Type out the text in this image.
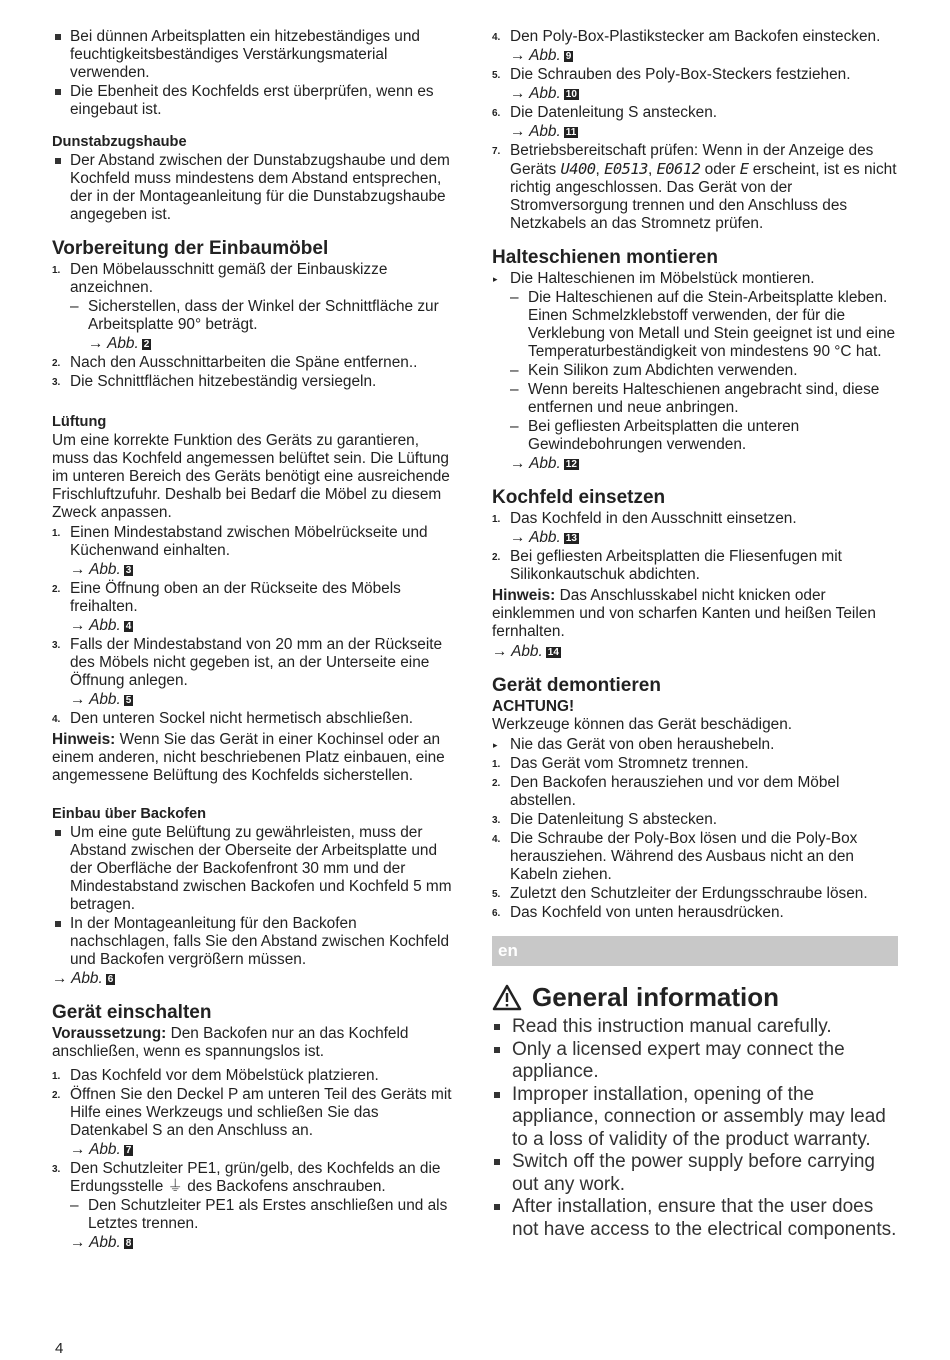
Bei dünnen Arbeitsplatten ein hitzebeständiges und feuchtigkeitsbeständiges Verstärkungsmaterial verwenden.
Die Ebenheit des Kochfelds erst überprüfen, wenn es eingebaut ist.
Dunstabzugshaube
Der Abstand zwischen der Dunstabzugshaube und dem Kochfeld muss mindestens dem Abstand entsprechen, der in der Montageanleitung für die Dunstabzugshaube angegeben ist.
Vorbereitung der Einbaumöbel
1. Den Möbelausschnitt gemäß der Einbauskizze anzeichnen.
– Sicherstellen, dass der Winkel der Schnittfläche zur Arbeitsplatte 90° beträgt.
→ Abb. 2
2. Nach den Ausschnittarbeiten die Späne entfernen..
3. Die Schnittflächen hitzebeständig versiegeln.
Lüftung
Um eine korrekte Funktion des Geräts zu garantieren, muss das Kochfeld angemessen belüftet sein. Die Lüftung im unteren Bereich des Geräts benötigt eine ausreichende Frischluftzufuhr. Deshalb bei Bedarf die Möbel zu diesem Zweck anpassen.
1. Einen Mindestabstand zwischen Möbelrückseite und Küchenwand einhalten.
→ Abb. 3
2. Eine Öffnung oben an der Rückseite des Möbels freihalten.
→ Abb. 4
3. Falls der Mindestabstand von 20 mm an der Rückseite des Möbels nicht gegeben ist, an der Unterseite eine Öffnung anlegen.
→ Abb. 5
4. Den unteren Sockel nicht hermetisch abschließen.
Hinweis: Wenn Sie das Gerät in einer Kochinsel oder an einem anderen, nicht beschriebenen Platz einbauen, eine angemessene Belüftung des Kochfelds sicherstellen.
Einbau über Backofen
Um eine gute Belüftung zu gewährleisten, muss der Abstand zwischen der Oberseite der Arbeitsplatte und der Oberfläche der Backofenfront 30 mm und der Mindestabstand zwischen Backofen und Kochfeld 5 mm betragen.
In der Montageanleitung für den Backofen nachschlagen, falls Sie den Abstand zwischen Kochfeld und Backofen vergrößern müssen.
→ Abb. 6
Gerät einschalten
Voraussetzung: Den Backofen nur an das Kochfeld anschließen, wenn es spannungslos ist.
1. Das Kochfeld vor dem Möbelstück platzieren.
2. Öffnen Sie den Deckel P am unteren Teil des Geräts mit Hilfe eines Werkzeugs und schließen Sie das Datenkabel S an den Anschluss an.
→ Abb. 7
3. Den Schutzleiter PE1, grün/gelb, des Kochfelds an die Erdungsstelle ⏚ des Backofens anschrauben.
– Den Schutzleiter PE1 als Erstes anschließen und als Letztes trennen.
→ Abb. 8
4. Den Poly-Box-Plastikstecker am Backofen einstecken.
→ Abb. 9
5. Die Schrauben des Poly-Box-Steckers festziehen.
→ Abb. 10
6. Die Datenleitung S anstecken.
→ Abb. 11
7. Betriebsbereitschaft prüfen: Wenn in der Anzeige des Geräts U400, E0513, E0612 oder E erscheint, ist es nicht richtig angeschlossen. Das Gerät von der Stromversorgung trennen und den Anschluss des Netzkabels an das Stromnetz prüfen.
Halteschienen montieren
▸ Die Halteschienen im Möbelstück montieren.
– Die Halteschienen auf die Stein-Arbeitsplatte kleben. Einen Schmelzklebstoff verwenden, der für die Verklebung von Metall und Stein geeignet ist und eine Temperaturbeständigkeit von mindestens 90 °C hat.
– Kein Silikon zum Abdichten verwenden.
– Wenn bereits Halteschienen angebracht sind, diese entfernen und neue anbringen.
– Bei gefliesten Arbeitsplatten die unteren Gewindebohrungen verwenden.
→ Abb. 12
Kochfeld einsetzen
1. Das Kochfeld in den Ausschnitt einsetzen.
→ Abb. 13
2. Bei gefliesten Arbeitsplatten die Fliesenfugen mit Silikonkautschuk abdichten.
Hinweis: Das Anschlusskabel nicht knicken oder einklemmen und von scharfen Kanten und heißen Teilen fernhalten.
→ Abb. 14
Gerät demontieren
ACHTUNG!
Werkzeuge können das Gerät beschädigen.
▸ Nie das Gerät von oben heraushebeln.
1. Das Gerät vom Stromnetz trennen.
2. Den Backofen herausziehen und vor dem Möbel abstellen.
3. Die Datenleitung S abstecken.
4. Die Schraube der Poly-Box lösen und die Poly-Box herausziehen. Während des Ausbaus nicht an den Kabeln ziehen.
5. Zuletzt den Schutzleiter der Erdungsschraube lösen.
6. Das Kochfeld von unten herausdrücken.
en
General information
Read this instruction manual carefully.
Only a licensed expert may connect the appliance.
Improper installation, opening of the appliance, connection or assembly may lead to a loss of validity of the product warranty.
Switch off the power supply before carrying out any work.
After installation, ensure that the user does not have access to the electrical components.
4
